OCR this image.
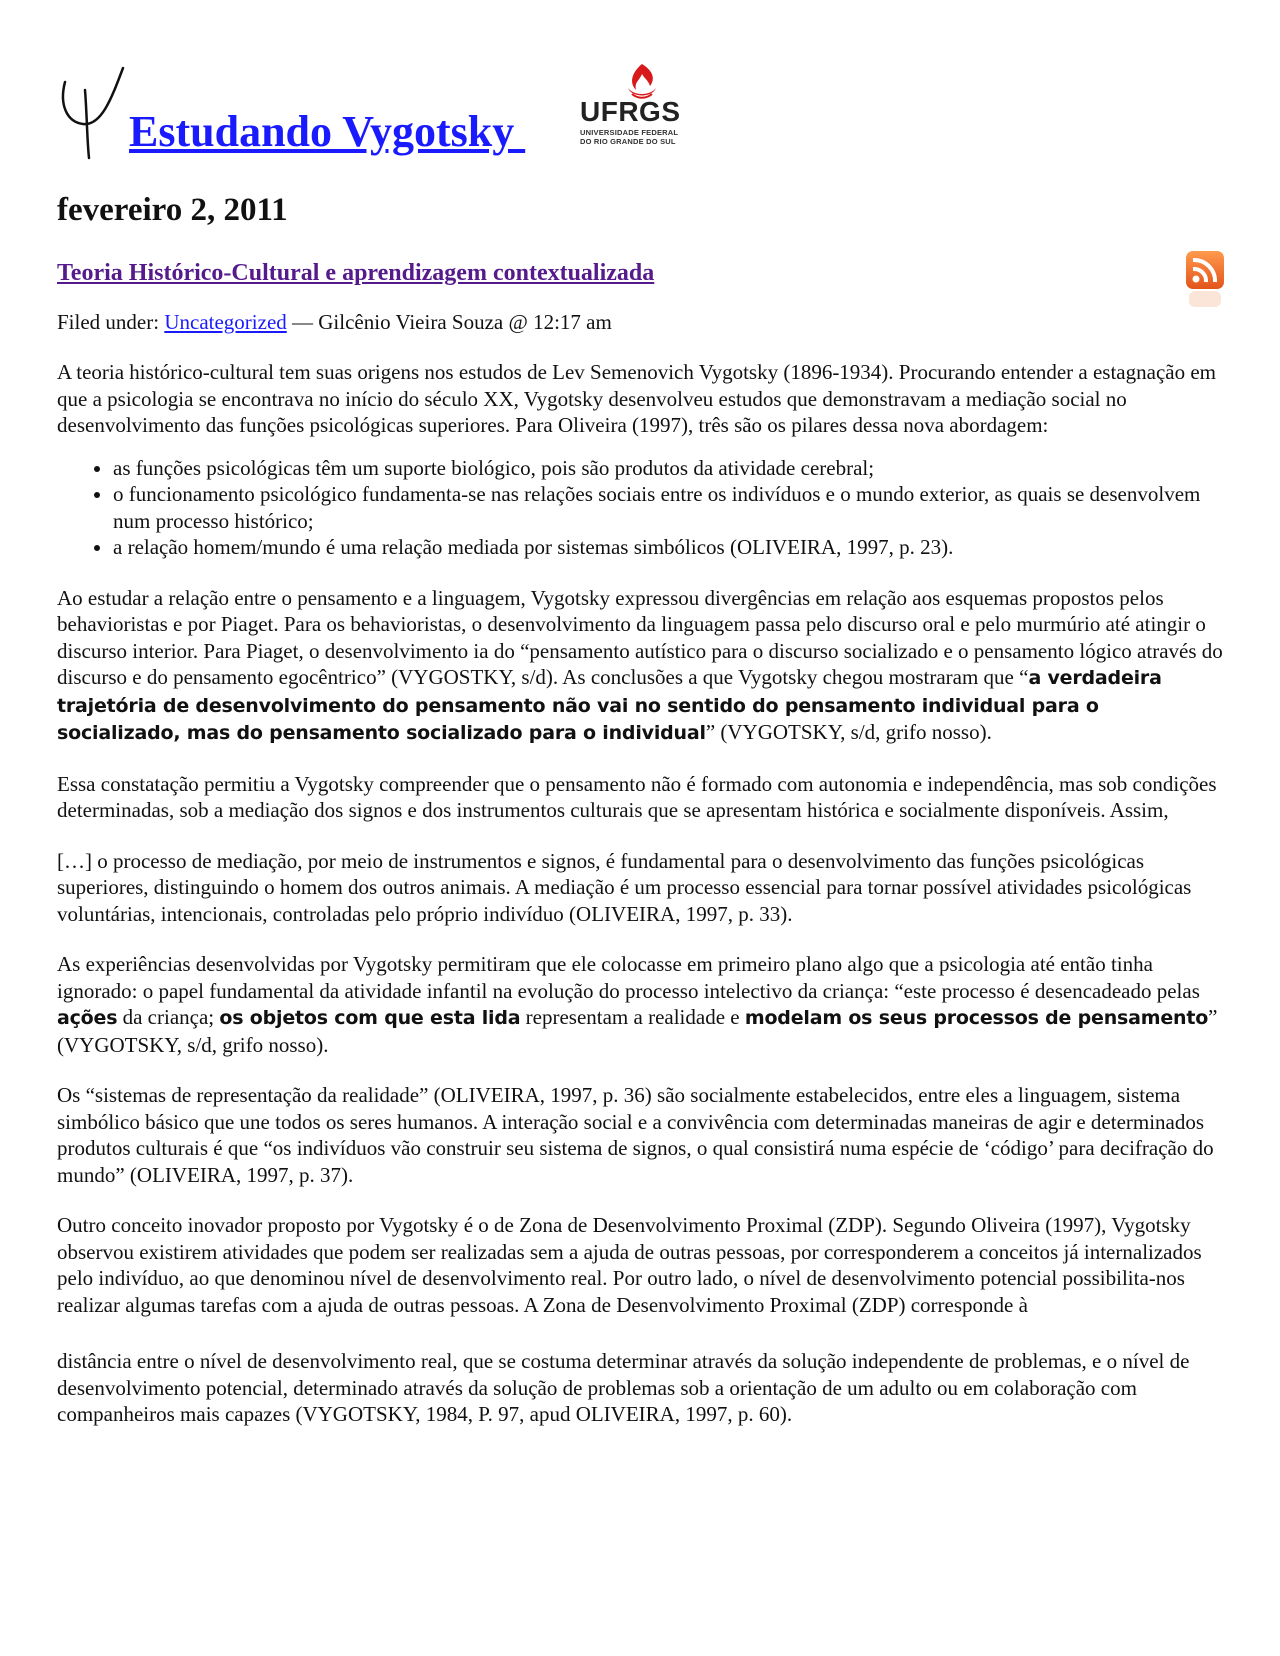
Estudando Vygotsky UFRGS
UNIVERSIDADE FEDERAL
DO RIO GRANDE DO SUL
fevereiro 2, 2011
Teoria Histórico-Cultural e aprendizagem contextualizada
Filed under: Uncategorized — Gilcênio Vieira Souza @ 12:17 am

A teoria histórico-cultural tem suas origens nos estudos de Lev Semenovich Vygotsky (1896-1934). Procurando entender a estagnação em que a psicologia se encontrava no início do século XX, Vygotsky desenvolveu estudos que demonstravam a mediação social no desenvolvimento das funções psicológicas superiores. Para Oliveira (1997), três são os pilares dessa nova abordagem:

• as funções psicológicas têm um suporte biológico, pois são produtos da atividade cerebral;
• o funcionamento psicológico fundamenta-se nas relações sociais entre os indivíduos e o mundo exterior, as quais se desenvolvem num processo histórico;
• a relação homem/mundo é uma relação mediada por sistemas simbólicos (OLIVEIRA, 1997, p. 23).

Ao estudar a relação entre o pensamento e a linguagem, Vygotsky expressou divergências em relação aos esquemas propostos pelos behavioristas e por Piaget. Para os behavioristas, o desenvolvimento da linguagem passa pelo discurso oral e pelo murmúrio até atingir o discurso interior. Para Piaget, o desenvolvimento ia do “pensamento autístico para o discurso socializado e o pensamento lógico através do discurso e do pensamento egocêntrico” (VYGOSTKY, s/d). As conclusões a que Vygotsky chegou mostraram que “a verdadeira trajetória de desenvolvimento do pensamento não vai no sentido do pensamento individual para o socializado, mas do pensamento socializado para o individual” (VYGOTSKY, s/d, grifo nosso).

Essa constatação permitiu a Vygotsky compreender que o pensamento não é formado com autonomia e independência, mas sob condições determinadas, sob a mediação dos signos e dos instrumentos culturais que se apresentam histórica e socialmente disponíveis. Assim,

[…] o processo de mediação, por meio de instrumentos e signos, é fundamental para o desenvolvimento das funções psicológicas superiores, distinguindo o homem dos outros animais. A mediação é um processo essencial para tornar possível atividades psicológicas voluntárias, intencionais, controladas pelo próprio indivíduo (OLIVEIRA, 1997, p. 33).

As experiências desenvolvidas por Vygotsky permitiram que ele colocasse em primeiro plano algo que a psicologia até então tinha ignorado: o papel fundamental da atividade infantil na evolução do processo intelectivo da criança: “este processo é desencadeado pelas ações da criança; os objetos com que esta lida representam a realidade e modelam os seus processos de pensamento” (VYGOTSKY, s/d, grifo nosso).

Os “sistemas de representação da realidade” (OLIVEIRA, 1997, p. 36) são socialmente estabelecidos, entre eles a linguagem, sistema simbólico básico que une todos os seres humanos. A interação social e a convivência com determinadas maneiras de agir e determinados produtos culturais é que “os indivíduos vão construir seu sistema de signos, o qual consistirá numa espécie de ‘código’ para decifração do mundo” (OLIVEIRA, 1997, p. 37).

Outro conceito inovador proposto por Vygotsky é o de Zona de Desenvolvimento Proximal (ZDP). Segundo Oliveira (1997), Vygotsky observou existirem atividades que podem ser realizadas sem a ajuda de outras pessoas, por corresponderem a conceitos já internalizados pelo indivíduo, ao que denominou nível de desenvolvimento real. Por outro lado, o nível de desenvolvimento potencial possibilita-nos realizar algumas tarefas com a ajuda de outras pessoas. A Zona de Desenvolvimento Proximal (ZDP) corresponde à

distância entre o nível de desenvolvimento real, que se costuma determinar através da solução independente de problemas, e o nível de desenvolvimento potencial, determinado através da solução de problemas sob a orientação de um adulto ou em colaboração com companheiros mais capazes (VYGOTSKY, 1984, P. 97, apud OLIVEIRA, 1997, p. 60).
